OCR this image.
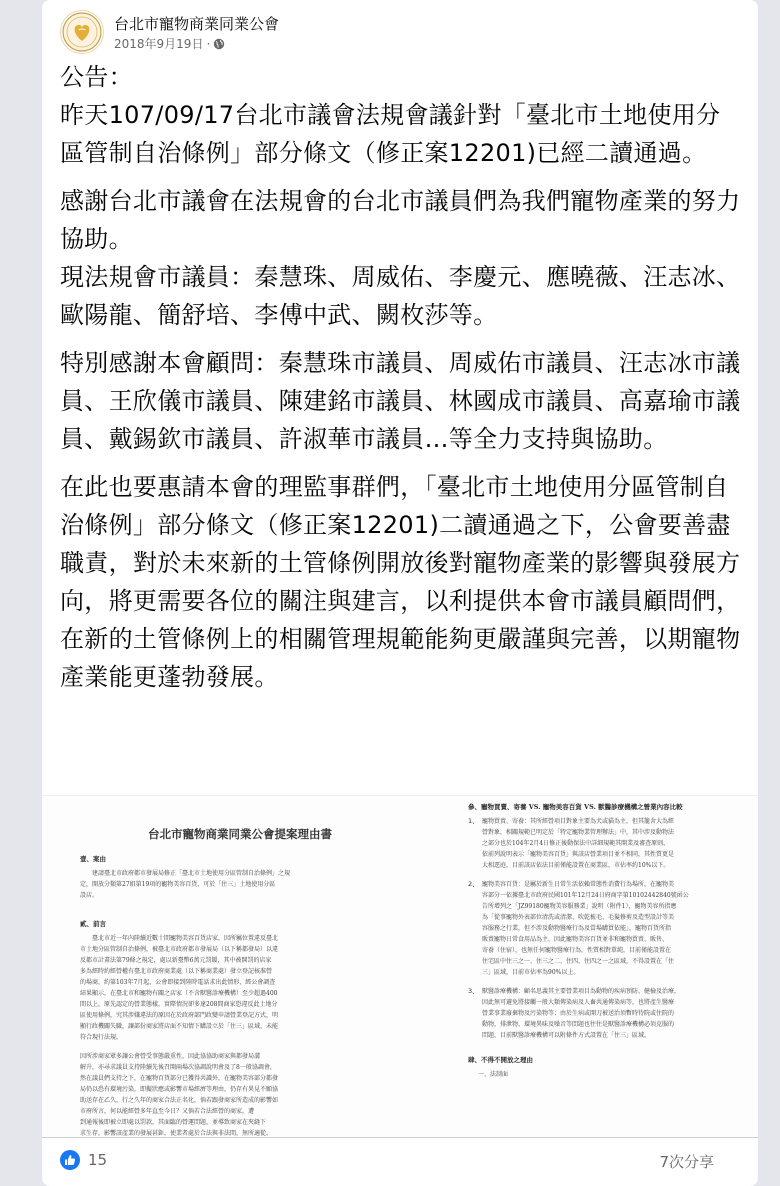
台北市寵物商業同業公會
2018年9月19日 ·

公告：
昨天107/09/17台北市議會法規會議針對「臺北市土地使用分區管制自治條例」部分條文（修正案12201)已經二讀通過。

感謝台北市議會在法規會的台北市議員們為我們寵物產業的努力協助。
現法規會市議員：秦慧珠、周威佑、李慶元、應曉薇、汪志冰、歐陽龍、簡舒培、李傅中武、闕枚莎等。

特別感謝本會顧問：秦慧珠市議員、周威佑市議員、汪志冰市議員、王欣儀市議員、陳建銘市議員、林國成市議員、高嘉瑜市議員、戴錫欽市議員、許淑華市議員…等全力支持與協助。

在此也要惠請本會的理監事群們，「臺北市土地使用分區管制自治條例」部分條文（修正案12201)二讀通過之下，公會要善盡職責，對於未來新的土管條例開放後對寵物產業的影響與發展方向，將更需要各位的關注與建言，以利提供本會市議員顧問們，在新的土管條例上的相關管理規範能夠更嚴謹與完善，以期寵物產業能更蓬勃發展。

台北市寵物商業同業公會提案理由書
壹、案由
建請臺北市政府都市發展局修正「臺北市土地使用分區管制自治條例」之規
定，開放分類第27組第19項的寵物美容百貨，可於「住三」土地使用分區
設店。
貳、前言
臺北市近一年內陸續近數十間寵物美容百貨店家，因所屬位置違反臺北
市土地分區管制自治條例，被臺北市政府都市發展局（以下稱都發局）以違
反都市計畫法第79條之規定，處以新臺幣6萬元罰鍰，其中被開罰的店家
多為經時約經營權有臺北市政府商業處（以下稱商業處）發立登記核准營
的場商，約第103年7月起，公會即接到陸時電話求出此情形，經公會調查
結果顯示，在臺北市和寵物有關之店家（不含獸醫診療機構）至少超過400
間以上，原先認定的營業態樣，實際情況卻多達208間商家恐違反此土地分
區使用條例，究其涉嫌違法的原因在於政府部門政變申請營業登記方式，明
顯行政機關失職，讓部份商家將店面不知情下購設立於「住三」區域，未能
符合現行法規。
因所涉商家眾多讓公會營受事態嚴重性，因此協協助商家與都發局溝
解升，亦尋求議員支持陸續先後召開兩場次協調說明會及了8一般協調會，
然在議員們支持之下，在寵物百貨部分已獲得共識外，在寵物美容部分都發
局仍以恐有環境污染，即擬狀應或影響市場經濟等理由，仍存有異見不願協
助送存在乙久，行之久年的商家合法正名化，倘若跟發商家所造成的影響如
市府所言，何以能經營多年直至今日？又倘若合法經營的商家，遭
到通報後即被立即處以罰款，其面臨的營運問題，並導致商家在夾縫下
求生存，影響該產業的發展甚鉅，使業者處於合法與非法間，無所適從。
參、寵物買賣、寄養 VS. 寵物美容百貨 VS. 獸醫診療機構之營業內容比較
1、 寵物買賣、寄養：其所經營項目對象主要為犬或貓為主，但其籠舍大為經
營對象，相關規範已明定於「特定寵物業管理辦法」中，其中涉及動物法
之部分也於104年2月4日修正後動保法中詳細規範其開業及審查原則，
依前列說明表示「寵物美容百貨」與該店營業項目並不相同，其性質更是
大相逕庭，目前該店依法目前僅能設置在商業區，市佔率約10%以下。
2、 寵物美容百貨：是屬於新生日常生活依賴常態性消費行為場所，在寵物美
容部分一依據臺北市政府民國101年12月24日府商字第10102442840號函公
告所增列之「JZ99180寵物美容服務業」說明（附件1），寵物美容所指應
為「從事寵物外表部位清洗或清潔、吹乾梳毛、毛髮修剪及造型設計等美
容服務之行業，但不涉及動物醫療行為及當場購買依能」，寵物百貨所指
販賣寵物日常食用品為主，因此寵物美容百貨並非和寵物買賣、販售、
寄養（住宿），也無任何寵物醫療行為，性質相對單純，目前僅能設置在
住宅區中住三之一、住三之二、住四、住四之一之區域，不得設置在「住
三」區域，目前市佔率為90%以上。
3、 獸醫診療機構：顧名思義其主要營業項目為動物的疾病預防、健檢及治療，
因此無可避免將接觸一般大類傳染病及人畜共通傳染病等，也將產生醫療
營業事業廢棄物及污染物等；由於生病或開刀被送治須暫時待院或住院的
動物，排泄物、環境異味及噪音等問題也往往是獸醫診療機構必須克服的
問題，目前獸醫診療機構可以附條件方式設置在「住三」區域。
肆、不得不開放之理由
一、法制面
15	7次分享
